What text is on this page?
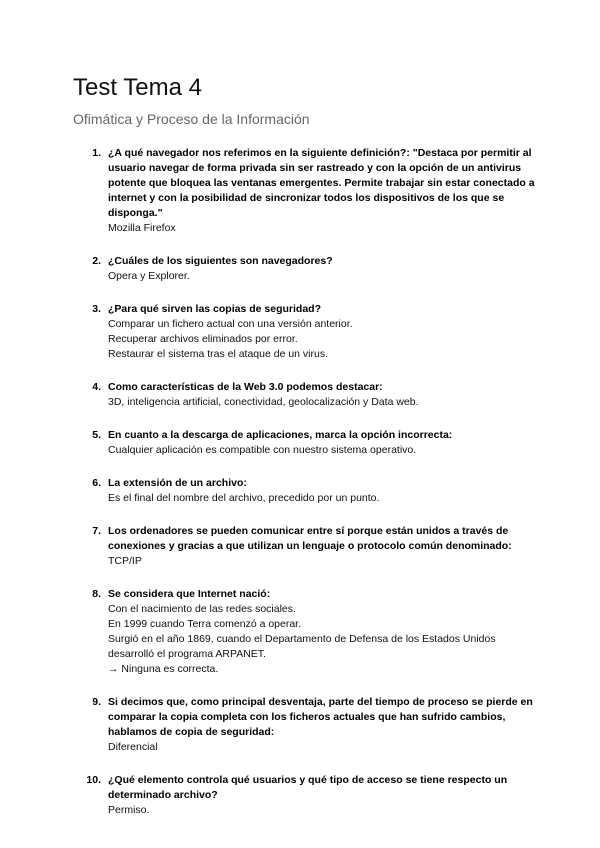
Test Tema 4

Ofimática y Proceso de la Información

1. ¿A qué navegador nos referimos en la siguiente definición?: "Destaca por permitir al usuario navegar de forma privada sin ser rastreado y con la opción de un antivirus potente que bloquea las ventanas emergentes. Permite trabajar sin estar conectado a internet y con la posibilidad de sincronizar todos los dispositivos de los que se disponga."

Mozilla Firefox

2. ¿Cuáles de los siguientes son navegadores?

Opera y Explorer.

3. ¿Para qué sirven las copias de seguridad?

Comparar un fichero actual con una versión anterior.

Recuperar archivos eliminados por error.

Restaurar el sistema tras el ataque de un virus.

4. Como características de la Web 3.0 podemos destacar:

3D, inteligencia artificial, conectividad, geolocalización y Data web.

5. En cuanto a la descarga de aplicaciones, marca la opción incorrecta:

Cualquier aplicación es compatible con nuestro sistema operativo.

6. La extensión de un archivo:

Es el final del nombre del archivo, precedido por un punto.

7. Los ordenadores se pueden comunicar entre sí porque están unidos a través de conexiones y gracias a que utilizan un lenguaje o protocolo común denominado:

TCP/IP

8. Se considera que Internet nació:

Con el nacimiento de las redes sociales.

En 1999 cuando Terra comenzó a operar.

Surgió en el año 1869, cuando el Departamento de Defensa de los Estados Unidos desarrolló el programa ARPANET.

→ Ninguna es correcta.

9. Si decimos que, como principal desventaja, parte del tiempo de proceso se pierde en comparar la copia completa con los ficheros actuales que han sufrido cambios, hablamos de copia de seguridad:

Diferencial

10. ¿Qué elemento controla qué usuarios y qué tipo de acceso se tiene respecto un determinado archivo?

Permiso.
